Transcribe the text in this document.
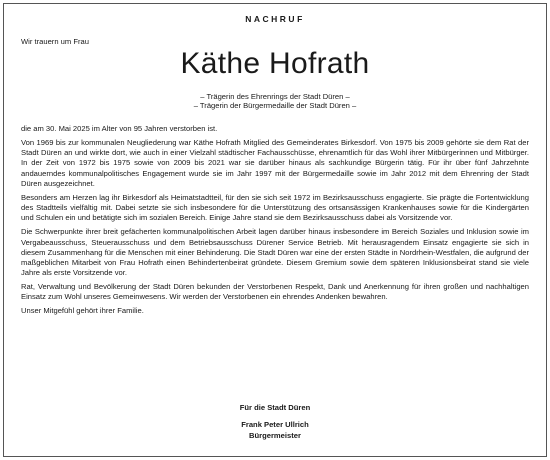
NACHRUF
Wir trauern um Frau
Käthe Hofrath
– Trägerin des Ehrenrings der Stadt Düren –
– Trägerin der Bürgermedaille der Stadt Düren –

die am 30. Mai 2025 im Alter von 95 Jahren verstorben ist.

Von 1969 bis zur kommunalen Neugliederung war Käthe Hofrath Mitglied des Gemeinderates Birkesdorf. Von 1975 bis 2009 gehörte sie dem Rat der Stadt Düren an und wirkte dort, wie auch in einer Vielzahl städtischer Fachausschüsse, ehrenamtlich für das Wohl ihrer Mitbürgerinnen und Mitbürger. In der Zeit von 1972 bis 1975 sowie von 2009 bis 2021 war sie darüber hinaus als sachkundige Bürgerin tätig. Für ihr über fünf Jahrzehnte andauerndes kommunalpolitisches Engagement wurde sie im Jahr 1997 mit der Bürgermedaille sowie im Jahr 2012 mit dem Ehrenring der Stadt Düren ausgezeichnet.

Besonders am Herzen lag ihr Birkesdorf als Heimatstadtteil, für den sie sich seit 1972 im Bezirksausschuss engagierte. Sie prägte die Fortentwicklung des Stadtteils vielfältig mit. Dabei setzte sie sich insbesondere für die Unterstützung des ortsansässigen Krankenhauses sowie für die Kindergärten und Schulen ein und betätigte sich im sozialen Bereich. Einige Jahre stand sie dem Bezirksausschuss dabei als Vorsitzende vor.

Die Schwerpunkte ihrer breit gefächerten kommunalpolitischen Arbeit lagen darüber hinaus insbesondere im Bereich Soziales und Inklusion sowie im Vergabeausschuss, Steuerausschuss und dem Betriebsausschuss Dürener Service Betrieb. Mit herausragendem Einsatz engagierte sie sich in diesem Zusammenhang für die Menschen mit einer Behinderung. Die Stadt Düren war eine der ersten Städte in Nordrhein-Westfalen, die aufgrund der maßgeblichen Mitarbeit von Frau Hofrath einen Behindertenbeirat gründete. Diesem Gremium sowie dem späteren Inklusionsbeirat stand sie viele Jahre als erste Vorsitzende vor.

Rat, Verwaltung und Bevölkerung der Stadt Düren bekunden der Verstorbenen Respekt, Dank und Anerkennung für ihren großen und nachhaltigen Einsatz zum Wohl unseres Gemeinwesens. Wir werden der Verstorbenen ein ehrendes Andenken bewahren.

Unser Mitgefühl gehört ihrer Familie.

Für die Stadt Düren
Frank Peter Ullrich
Bürgermeister
